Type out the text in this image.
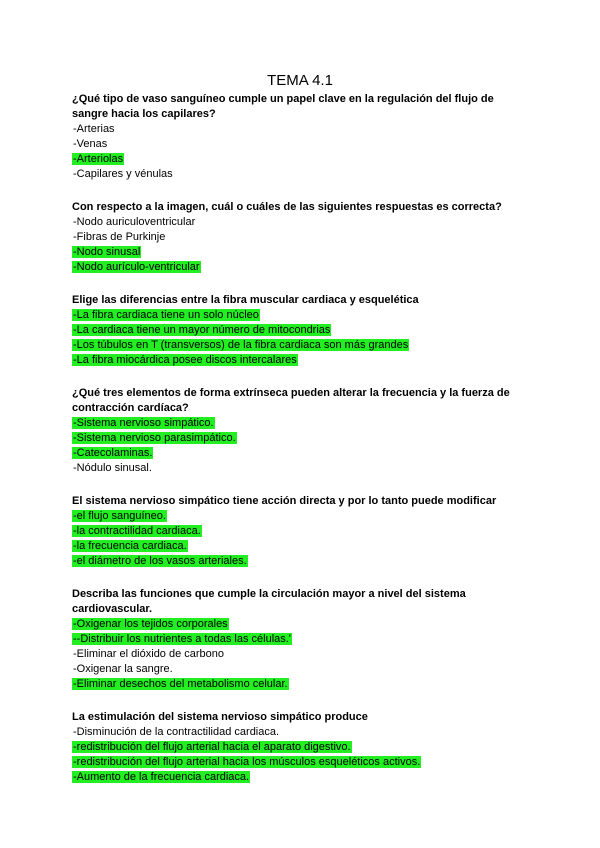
TEMA 4.1

¿Qué tipo de vaso sanguíneo cumple un papel clave en la regulación del flujo de sangre hacia los capilares?

-Arterias

-Venas

-Arteriolas

-Capilares y vénulas

Con respecto a la imagen, cuál o cuáles de las siguientes respuestas es correcta?

-Nodo auriculoventricular

-Fibras de Purkinje

-Nodo sinusal

-Nodo aurículo-ventricular

Elige las diferencias entre la fibra muscular cardiaca y esquelética

-La fibra cardiaca tiene un solo núcleo

-La cardiaca tiene un mayor número de mitocondrias

-Los túbulos en T (transversos) de la fibra cardiaca son más grandes

-La fibra miocárdica posee discos intercalares

¿Qué tres elementos de forma extrínseca pueden alterar la frecuencia y la fuerza de contracción cardíaca?

-Sistema nervioso simpático.

-Sistema nervioso parasimpático.

-Catecolaminas.

-Nódulo sinusal.

El sistema nervioso simpático tiene acción directa y por lo tanto puede modificar

-el flujo sanguíneo.

-la contractilidad cardiaca.

-la frecuencia cardiaca.

-el diámetro de los vasos arteriales.

Describa las funciones que cumple la circulación mayor a nivel del sistema cardiovascular.

-Oxigenar los tejidos corporales

--Distribuir los nutrientes a todas las células.'

-Eliminar el dióxido de carbono

-Oxigenar la sangre.

-Eliminar desechos del metabolismo celular.

La estimulación del sistema nervioso simpático produce

-Disminución de la contractilidad cardiaca.

-redistribución del flujo arterial hacia el aparato digestivo.

-redistribución del flujo arterial hacia los músculos esqueléticos activos.

-Aumento de la frecuencia cardiaca.
